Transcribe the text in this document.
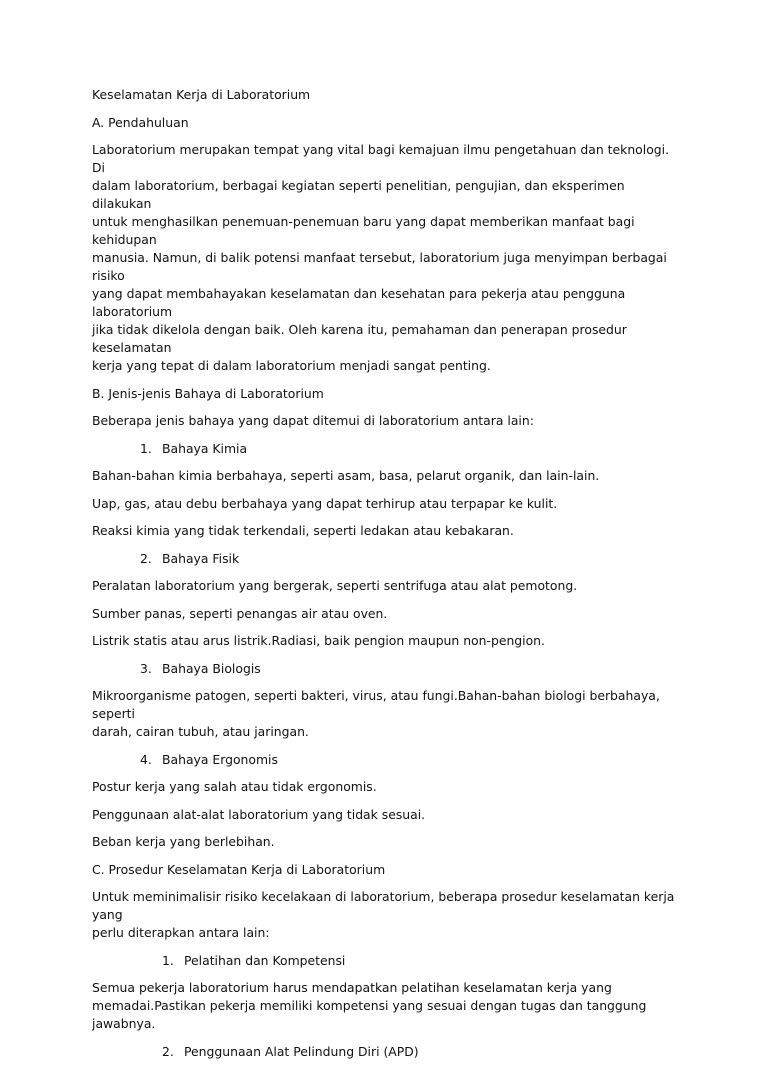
Keselamatan Kerja di Laboratorium

A. Pendahuluan

Laboratorium merupakan tempat yang vital bagi kemajuan ilmu pengetahuan dan teknologi. Di
dalam laboratorium, berbagai kegiatan seperti penelitian, pengujian, dan eksperimen dilakukan
untuk menghasilkan penemuan-penemuan baru yang dapat memberikan manfaat bagi kehidupan
manusia. Namun, di balik potensi manfaat tersebut, laboratorium juga menyimpan berbagai risiko
yang dapat membahayakan keselamatan dan kesehatan para pekerja atau pengguna laboratorium
jika tidak dikelola dengan baik. Oleh karena itu, pemahaman dan penerapan prosedur keselamatan
kerja yang tepat di dalam laboratorium menjadi sangat penting.

B. Jenis-jenis Bahaya di Laboratorium

Beberapa jenis bahaya yang dapat ditemui di laboratorium antara lain:

1. Bahaya Kimia

Bahan-bahan kimia berbahaya, seperti asam, basa, pelarut organik, dan lain-lain.

Uap, gas, atau debu berbahaya yang dapat terhirup atau terpapar ke kulit.

Reaksi kimia yang tidak terkendali, seperti ledakan atau kebakaran.

2. Bahaya Fisik

Peralatan laboratorium yang bergerak, seperti sentrifuga atau alat pemotong.

Sumber panas, seperti penangas air atau oven.

Listrik statis atau arus listrik.Radiasi, baik pengion maupun non-pengion.

3. Bahaya Biologis

Mikroorganisme patogen, seperti bakteri, virus, atau fungi.Bahan-bahan biologi berbahaya, seperti
darah, cairan tubuh, atau jaringan.

4. Bahaya Ergonomis

Postur kerja yang salah atau tidak ergonomis.

Penggunaan alat-alat laboratorium yang tidak sesuai.

Beban kerja yang berlebihan.

C. Prosedur Keselamatan Kerja di Laboratorium

Untuk meminimalisir risiko kecelakaan di laboratorium, beberapa prosedur keselamatan kerja yang
perlu diterapkan antara lain:

1. Pelatihan dan Kompetensi

Semua pekerja laboratorium harus mendapatkan pelatihan keselamatan kerja yang
memadai.Pastikan pekerja memiliki kompetensi yang sesuai dengan tugas dan tanggung jawabnya.

2. Penggunaan Alat Pelindung Diri (APD)
